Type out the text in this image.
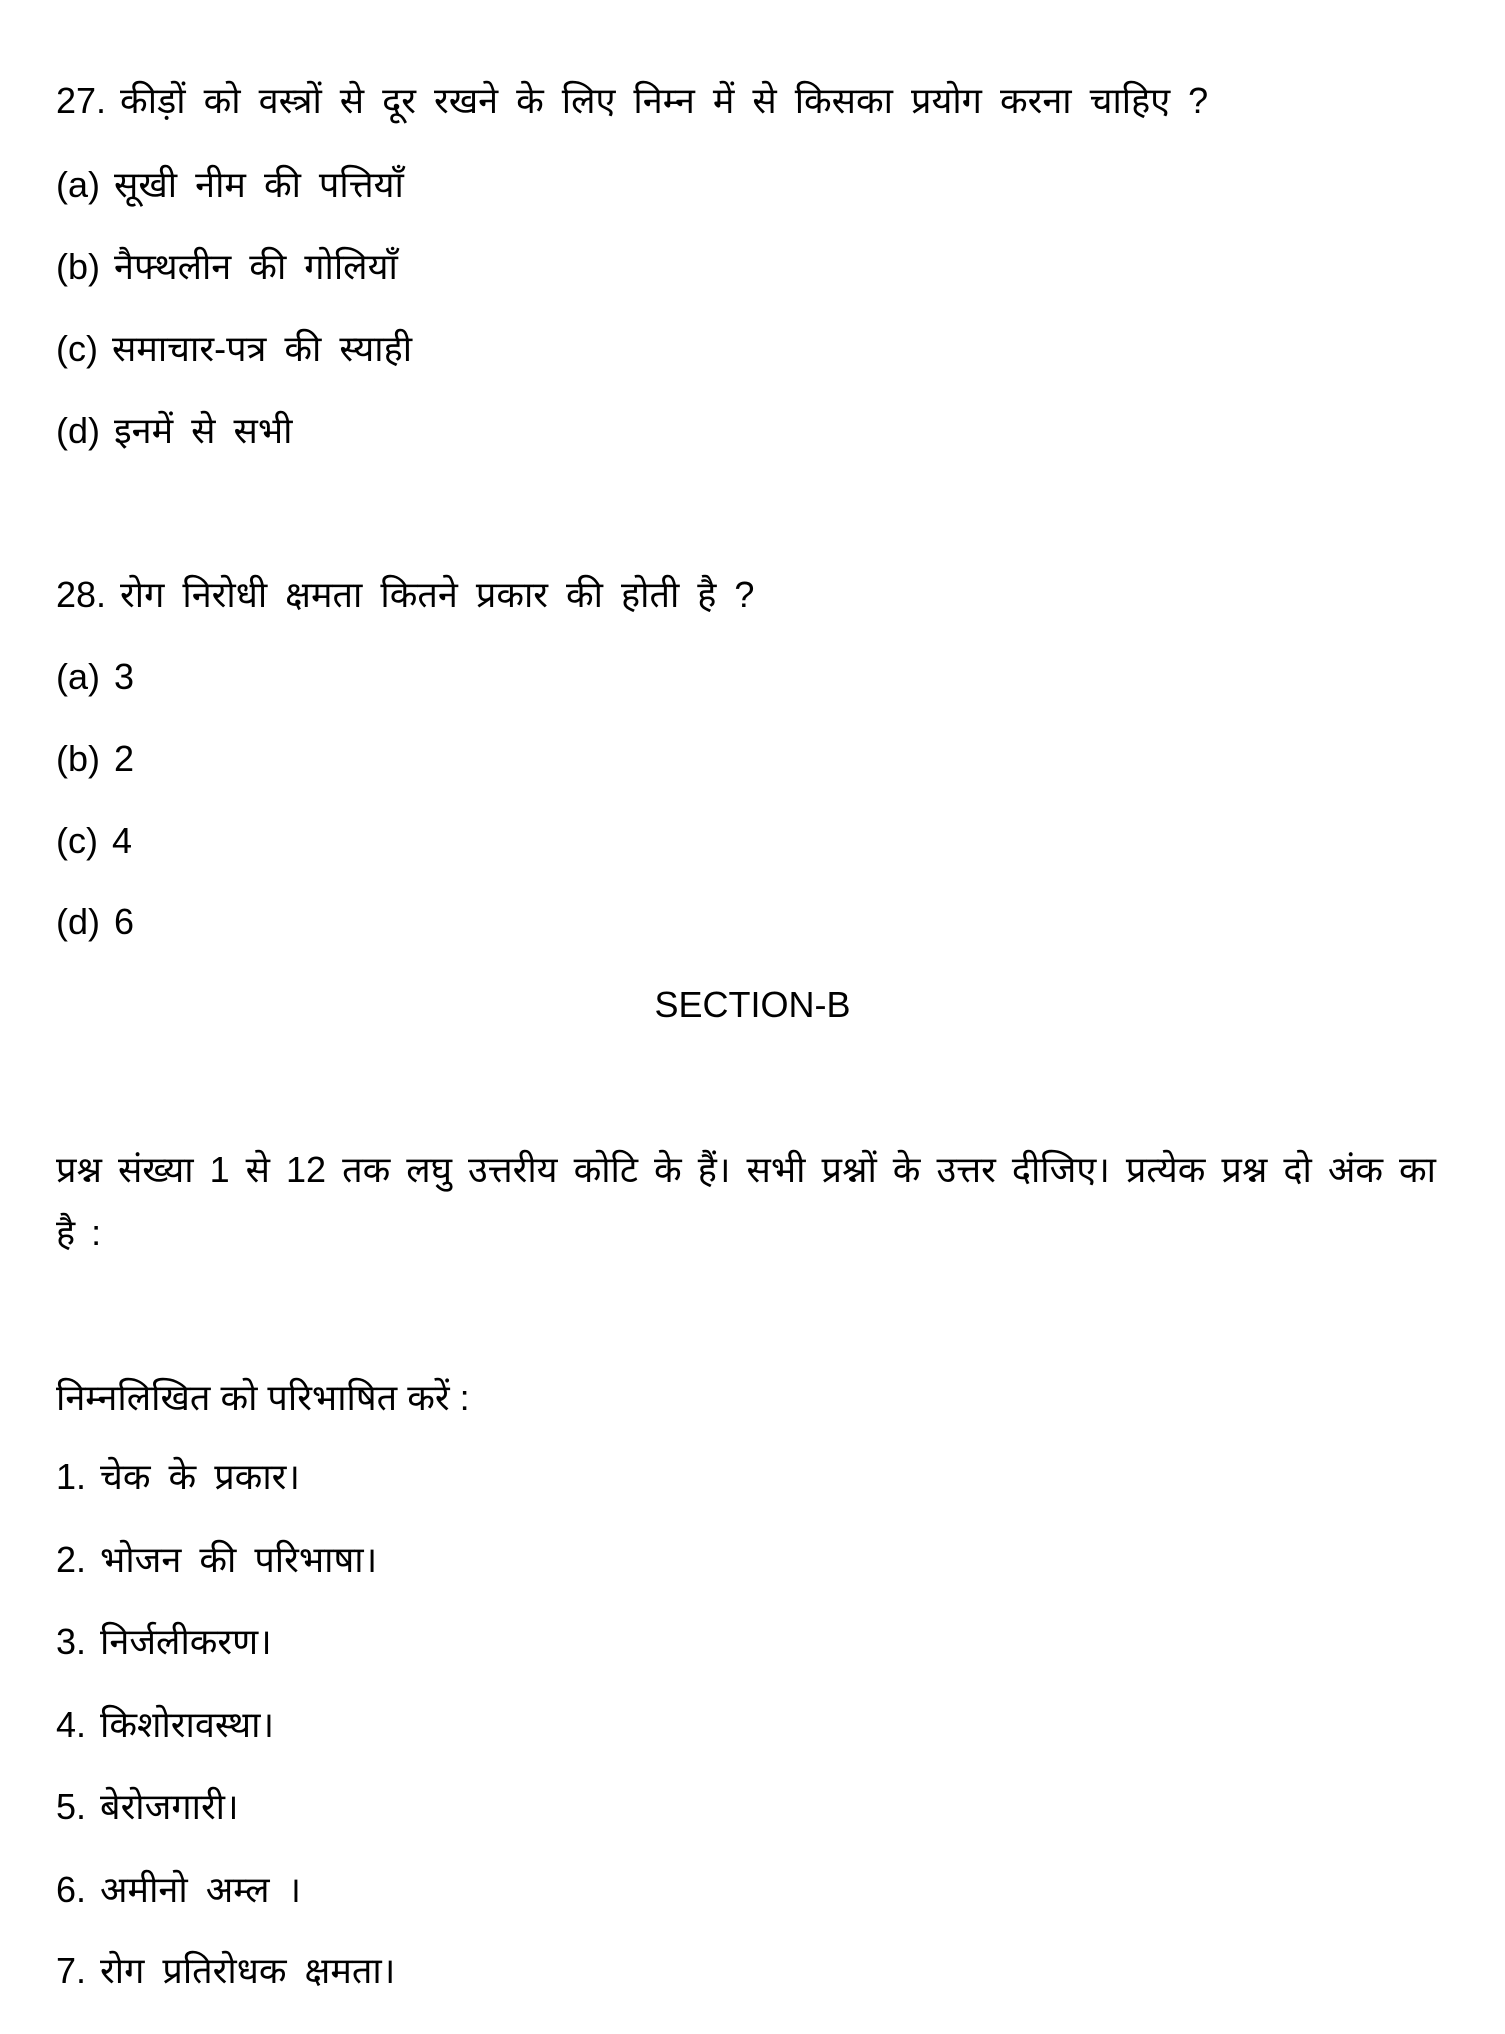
27. कीड़ों को वस्त्रों से दूर रखने के लिए निम्न में से किसका प्रयोग करना चाहिए ?
(a) सूखी नीम की पत्तियाँ
(b) नैफ्थलीन की गोलियाँ
(c) समाचार-पत्र की स्याही
(d) इनमें से सभी
28. रोग निरोधी क्षमता कितने प्रकार की होती है ?
(a) 3
(b) 2
(c) 4
(d) 6
SECTION-B
प्रश्न संख्या 1 से 12 तक लघु उत्तरीय कोटि के हैं। सभी प्रश्नों के उत्तर दीजिए। प्रत्येक प्रश्न दो अंक का है :
निम्नलिखित को परिभाषित करें :
1. चेक के प्रकार।
2. भोजन की परिभाषा।
3. निर्जलीकरण।
4. किशोरावस्था।
5. बेरोजगारी।
6. अमीनो अम्ल ।
7. रोग प्रतिरोधक क्षमता।
